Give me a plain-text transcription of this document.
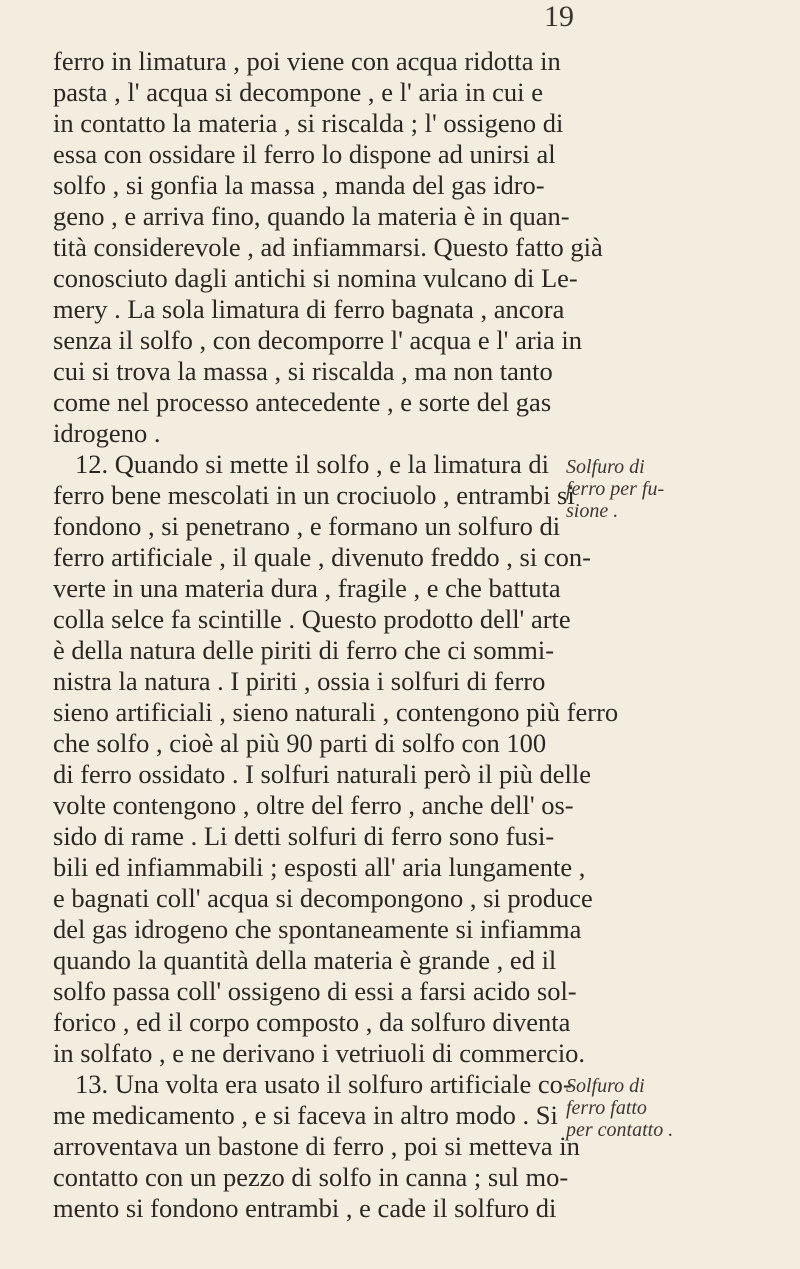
19
ferro in limatura , poi viene con acqua ridotta in
pasta , l' acqua si decompone , e l' aria in cui e
in contatto la materia , si riscalda ; l' ossigeno di
essa con ossidare il ferro lo dispone ad unirsi al
solfo , si gonfia la massa , manda del gas idro-
geno , e arriva fino, quando la materia è in quan-
tità considerevole , ad infiammarsi. Questo fatto già
conosciuto dagli antichi si nomina vulcano di Le-
mery . La sola limatura di ferro bagnata , ancora
senza il solfo , con decomporre l' acqua e l' aria in
cui si trova la massa , si riscalda , ma non tanto
come nel processo antecedente , e sorte del gas
idrogeno .
12. Quando si mette il solfo , e la limatura di
ferro bene mescolati in un crociuolo , entrambi si
fondono , si penetrano , e formano un solfuro di
ferro artificiale , il quale , divenuto freddo , si con-
verte in una materia dura , fragile , e che battuta
colla selce fa scintille . Questo prodotto dell' arte
è della natura delle piriti di ferro che ci sommi-
nistra la natura . I piriti , ossia i solfuri di ferro
sieno artificiali , sieno naturali , contengono più ferro
che solfo , cioè al più 90 parti di solfo con 100
di ferro ossidato . I solfuri naturali però il più delle
volte contengono , oltre del ferro , anche dell' os-
sido di rame . Li detti solfuri di ferro sono fusi-
bili ed infiammabili ; esposti all' aria lungamente ,
e bagnati coll' acqua si decompongono , si produce
del gas idrogeno che spontaneamente si infiamma
quando la quantità della materia è grande , ed il
solfo passa coll' ossigeno di essi a farsi acido sol-
forico , ed il corpo composto , da solfuro diventa
in solfato , e ne derivano i vetriuoli di commercio.
13. Una volta era usato il solfuro artificiale co-
me medicamento , e si faceva in altro modo . Si
arroventava un bastone di ferro , poi si metteva in
contatto con un pezzo di solfo in canna ; sul mo-
mento si fondono entrambi , e cade il solfuro di
Solfuro di
ferro per fu-
sione .
Solfuro di
ferro fatto
per contatto .
